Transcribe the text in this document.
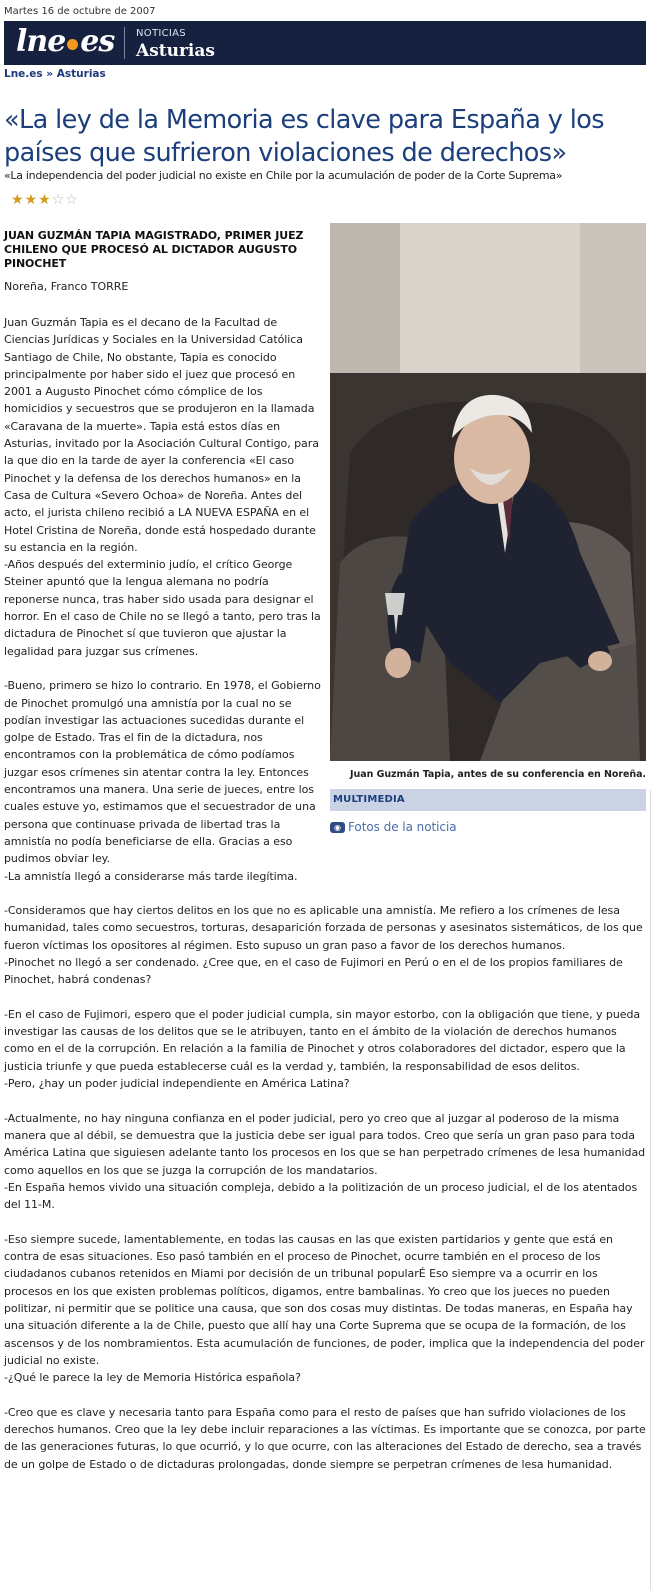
Martes 16 de octubre de 2007
lne es NOTICIAS
Asturias
Lne.es » Asturias
«La ley de la Memoria es clave para España y los países que sufrieron violaciones de derechos»
«La independencia del poder judicial no existe en Chile por la acumulación de poder de la Corte Suprema»
★★★☆☆
JUAN GUZMÁN TAPIA MAGISTRADO, PRIMER JUEZ CHILENO QUE PROCESÓ AL DICTADOR AUGUSTO PINOCHET
Noreña, Franco TORRE
Juan Guzmán Tapia, antes de su conferencia en Noreña.
MULTIMEDIA
◉ Fotos de la noticia

Juan Guzmán Tapia es el decano de la Facultad de Ciencias Jurídicas y Sociales en la Universidad Católica Santiago de Chile, No obstante, Tapia es conocido principalmente por haber sido el juez que procesó en 2001 a Augusto Pinochet cómo cómplice de los homicidios y secuestros que se produjeron en la llamada «Caravana de la muerte». Tapia está estos días en Asturias, invitado por la Asociación Cultural Contigo, para la que dio en la tarde de ayer la conferencia «El caso Pinochet y la defensa de los derechos humanos» en la Casa de Cultura «Severo Ochoa» de Noreña. Antes del acto, el jurista chileno recibió a LA NUEVA ESPAÑA en el Hotel Cristina de Noreña, donde está hospedado durante su estancia en la región.

-Años después del exterminio judío, el crítico George Steiner apuntó que la lengua alemana no podría reponerse nunca, tras haber sido usada para designar el horror. En el caso de Chile no se llegó a tanto, pero tras la dictadura de Pinochet sí que tuvieron que ajustar la legalidad para juzgar sus crímenes.

-Bueno, primero se hizo lo contrario. En 1978, el Gobierno de Pinochet promulgó una amnistía por la cual no se podían investigar las actuaciones sucedidas durante el golpe de Estado. Tras el fin de la dictadura, nos encontramos con la problemática de cómo podíamos juzgar esos crímenes sin atentar contra la ley. Entonces encontramos una manera. Una serie de jueces, entre los cuales estuve yo, estimamos que el secuestrador de una persona que continuase privada de libertad tras la amnistía no podía beneficiarse de ella. Gracias a eso pudimos obviar ley.

-La amnistía llegó a considerarse más tarde ilegítima.

-Consideramos que hay ciertos delitos en los que no es aplicable una amnistía. Me refiero a los crímenes de lesa humanidad, tales como secuestros, torturas, desaparición forzada de personas y asesinatos sistemáticos, de los que fueron víctimas los opositores al régimen. Esto supuso un gran paso a favor de los derechos humanos.

-Pinochet no llegó a ser condenado. ¿Cree que, en el caso de Fujimori en Perú o en el de los propios familiares de Pinochet, habrá condenas?

-En el caso de Fujimori, espero que el poder judicial cumpla, sin mayor estorbo, con la obligación que tiene, y pueda investigar las causas de los delitos que se le atribuyen, tanto en el ámbito de la violación de derechos humanos como en el de la corrupción. En relación a la familia de Pinochet y otros colaboradores del dictador, espero que la justicia triunfe y que pueda establecerse cuál es la verdad y, también, la responsabilidad de esos delitos.

-Pero, ¿hay un poder judicial independiente en América Latina?

-Actualmente, no hay ninguna confianza en el poder judicial, pero yo creo que al juzgar al poderoso de la misma manera que al débil, se demuestra que la justicia debe ser igual para todos. Creo que sería un gran paso para toda América Latina que siguiesen adelante tanto los procesos en los que se han perpetrado crímenes de lesa humanidad como aquellos en los que se juzga la corrupción de los mandatarios.

-En España hemos vivido una situación compleja, debido a la politización de un proceso judicial, el de los atentados del 11-M.

-Eso siempre sucede, lamentablemente, en todas las causas en las que existen partidarios y gente que está en contra de esas situaciones. Eso pasó también en el proceso de Pinochet, ocurre también en el proceso de los ciudadanos cubanos retenidos en Miami por decisión de un tribunal popularÉ Eso siempre va a ocurrir en los procesos en los que existen problemas políticos, digamos, entre bambalinas. Yo creo que los jueces no pueden politizar, ni permitir que se politice una causa, que son dos cosas muy distintas. De todas maneras, en España hay una situación diferente a la de Chile, puesto que allí hay una Corte Suprema que se ocupa de la formación, de los ascensos y de los nombramientos. Esta acumulación de funciones, de poder, implica que la independencia del poder judicial no existe.

-¿Qué le parece la ley de Memoria Histórica española?

-Creo que es clave y necesaria tanto para España como para el resto de países que han sufrido violaciones de los derechos humanos. Creo que la ley debe incluir reparaciones a las víctimas. Es importante que se conozca, por parte de las generaciones futuras, lo que ocurrió, y lo que ocurre, con las alteraciones del Estado de derecho, sea a través de un golpe de Estado o de dictaduras prolongadas, donde siempre se perpetran crímenes de lesa humanidad.
